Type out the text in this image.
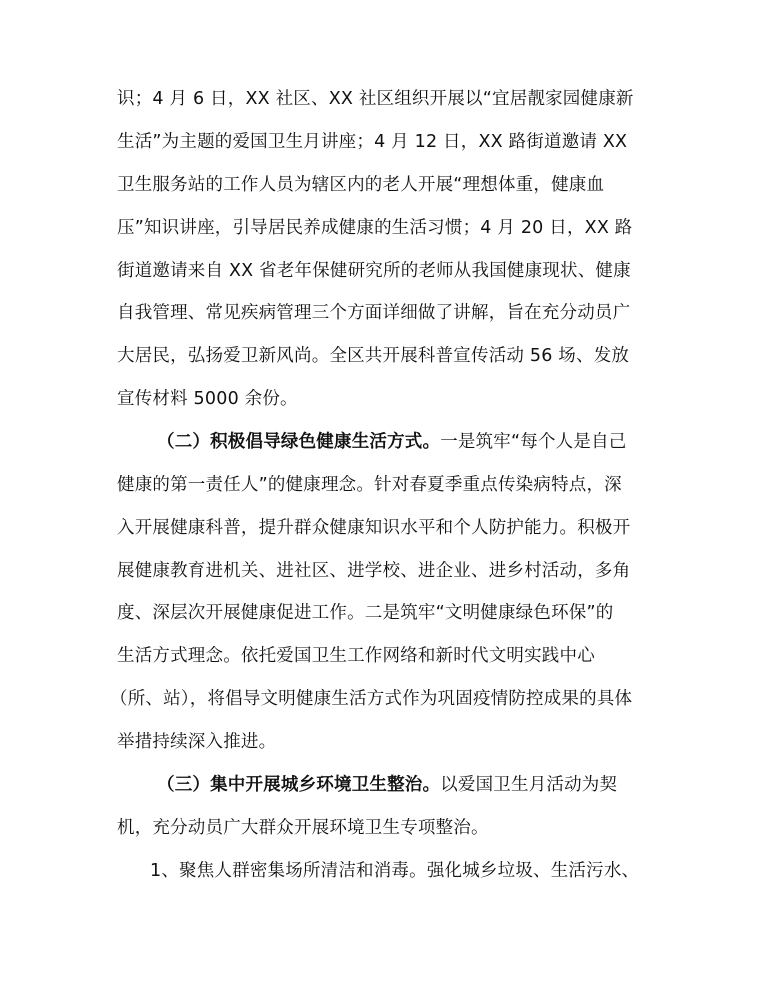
识；4 月 6 日，XX 社区、XX 社区组织开展以“宜居靓家园健康新
生活”为主题的爱国卫生月讲座；4 月 12 日，XX 路街道邀请 XX
卫生服务站的工作人员为辖区内的老人开展“理想体重，健康血
压”知识讲座，引导居民养成健康的生活习惯；4 月 20 日，XX 路
街道邀请来自 XX 省老年保健研究所的老师从我国健康现状、健康
自我管理、常见疾病管理三个方面详细做了讲解，旨在充分动员广
大居民，弘扬爱卫新风尚。全区共开展科普宣传活动 56 场、发放
宣传材料 5000 余份。
（二）积极倡导绿色健康生活方式。一是筑牢“每个人是自己
健康的第一责任人”的健康理念。针对春夏季重点传染病特点，深
入开展健康科普，提升群众健康知识水平和个人防护能力。积极开
展健康教育进机关、进社区、进学校、进企业、进乡村活动，多角
度、深层次开展健康促进工作。二是筑牢“文明健康绿色环保”的
生活方式理念。依托爱国卫生工作网络和新时代文明实践中心
（所、站），将倡导文明健康生活方式作为巩固疫情防控成果的具体
举措持续深入推进。
（三）集中开展城乡环境卫生整治。以爱国卫生月活动为契
机，充分动员广大群众开展环境卫生专项整治。
1、聚焦人群密集场所清洁和消毒。强化城乡垃圾、生活污水、
